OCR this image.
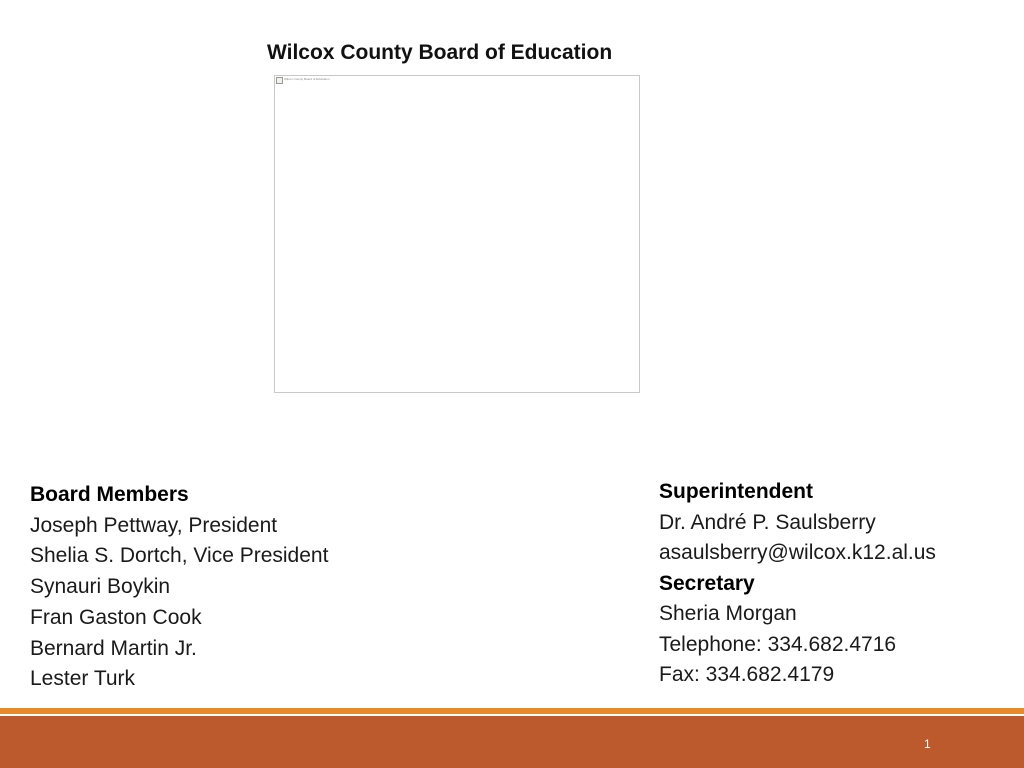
Wilcox County Board of Education
Wilcox County Board of Education
Board Members
Joseph Pettway, President
Shelia S. Dortch, Vice President
Synauri Boykin
Fran Gaston Cook
Bernard Martin Jr.
Lester Turk
Superintendent
Dr. André P. Saulsberry
asaulsberry@wilcox.k12.al.us
Secretary
Sheria Morgan
Telephone: 334.682.4716
Fax: 334.682.4179
1
